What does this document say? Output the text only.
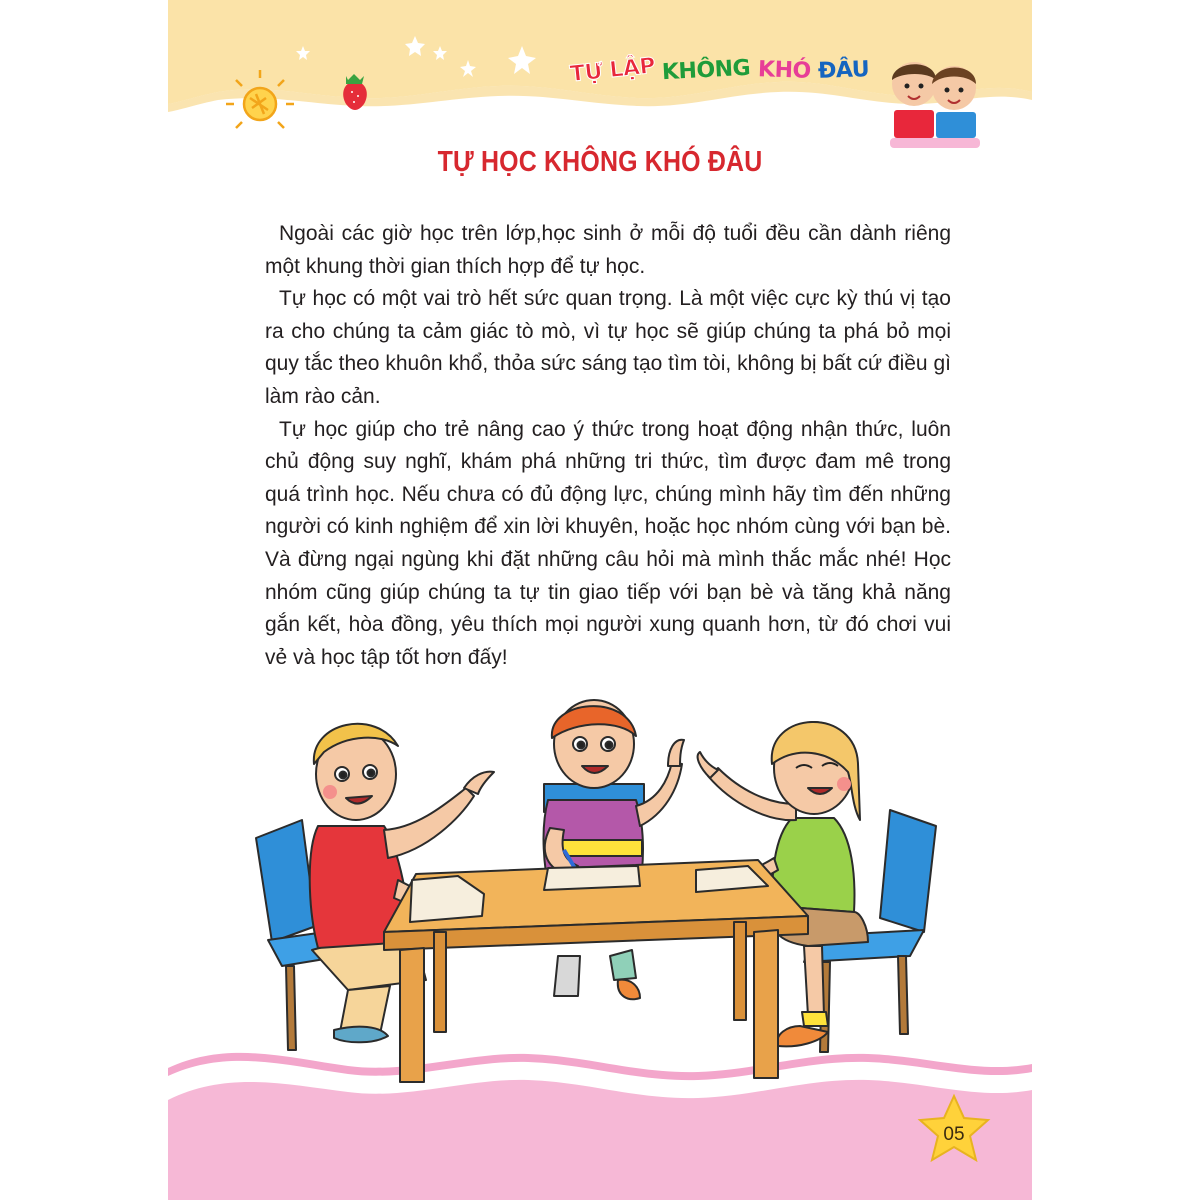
TỰ LẬP KHÔNG KHÓ ĐÂU
TỰ HỌC KHÔNG KHÓ ĐÂU

Ngoài các giờ học trên lớp,học sinh ở mỗi độ tuổi đều cần dành riêng một khung thời gian thích hợp để tự học.

Tự học có một vai trò hết sức quan trọng. Là một việc cực kỳ thú vị tạo ra cho chúng ta cảm giác tò mò, vì tự học sẽ giúp chúng ta phá bỏ mọi quy tắc theo khuôn khổ, thỏa sức sáng tạo tìm tòi, không bị bất cứ điều gì làm rào cản.

Tự học giúp cho trẻ nâng cao ý thức trong hoạt động nhận thức, luôn chủ động suy nghĩ, khám phá những tri thức, tìm được đam mê trong quá trình học. Nếu chưa có đủ động lực, chúng mình hãy tìm đến những người có kinh nghiệm để xin lời khuyên, hoặc học nhóm cùng với bạn bè. Và đừng ngại ngùng khi đặt những câu hỏi mà mình thắc mắc nhé! Học nhóm cũng giúp chúng ta tự tin giao tiếp với bạn bè và tăng khả năng gắn kết, hòa đồng, yêu thích mọi người xung quanh hơn, từ đó chơi vui vẻ và học tập tốt hơn đấy!

05
